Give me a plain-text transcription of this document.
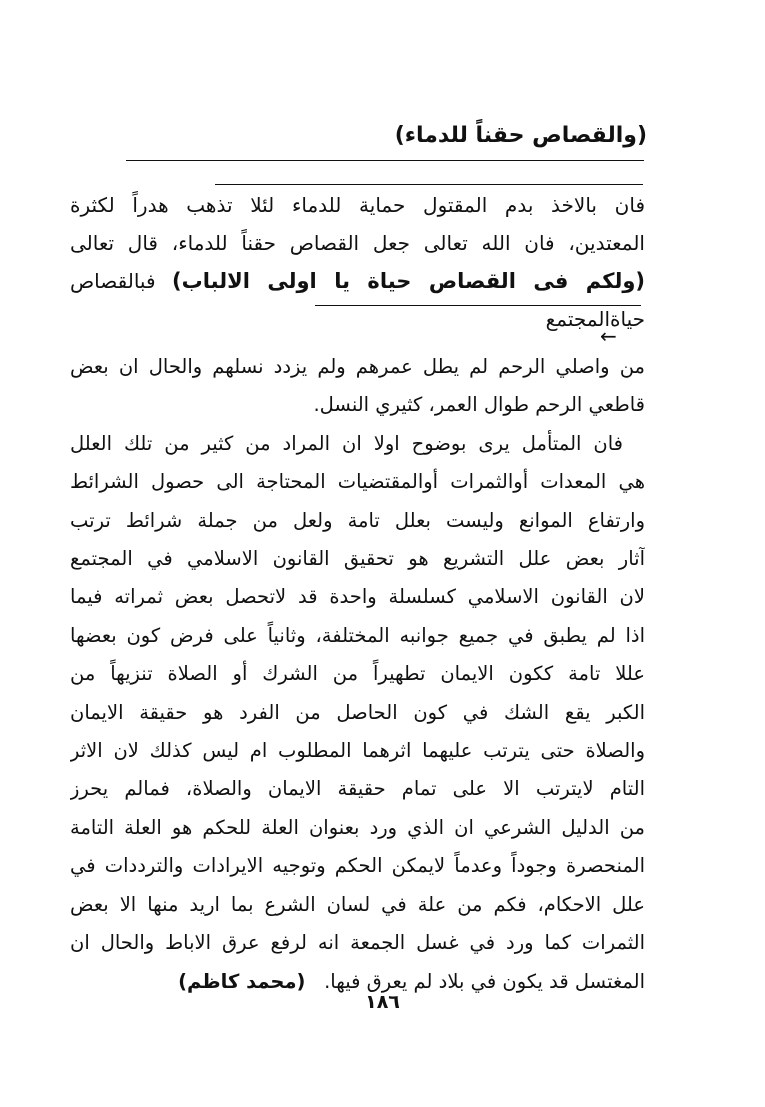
(والقصاص حقناً للدماء)
فان بالاخذ بدم المقتول حماية للدماء لئلا تذهب هدراً لكثرة
المعتدين، فان الله تعالى جعل القصاص حقناً للدماء، قال تعالى
(ولكم فى القصاص حياة يا اولى الالباب) فبالقصاص حياةالمجتمع
←
من واصلي الرحم لم يطل عمرهم ولم يزدد نسلهم والحال ان بعض
قاطعي الرحم طوال العمر، كثيري النسل.
فان المتأمل يرى بوضوح اولا ان المراد من كثير من تلك العلل
هي المعدات أوالثمرات أوالمقتضيات المحتاجة الى حصول الشرائط
وارتفاع الموانع وليست بعلل تامة ولعل من جملة شرائط ترتب
آثار بعض علل التشريع هو تحقيق القانون الاسلامي في المجتمع
لان القانون الاسلامي كسلسلة واحدة قد لاتحصل بعض ثمراته فيما
اذا لم يطبق في جميع جوانبه المختلفة، وثانياً على فرض كون بعضها
عللا تامة ككون الايمان تطهيراً من الشرك أو الصلاة تنزيهاً من
الكبر يقع الشك في كون الحاصل من الفرد هو حقيقة الايمان
والصلاة حتى يترتب عليهما اثرهما المطلوب ام ليس كذلك لان الاثر
التام لايترتب الا على تمام حقيقة الايمان والصلاة، فمالم يحرز
من الدليل الشرعي ان الذي ورد بعنوان العلة للحكم هو العلة التامة
المنحصرة وجوداً وعدماً لايمكن الحكم وتوجيه الايرادات والترددات في
علل الاحكام، فكم من علة في لسان الشرع بما اريد منها الا بعض
الثمرات كما ورد في غسل الجمعة انه لرفع عرق الاباط والحال ان
المغتسل قد يكون في بلاد لم يعرق فيها.   (محمد كاظم)
١٨٦
